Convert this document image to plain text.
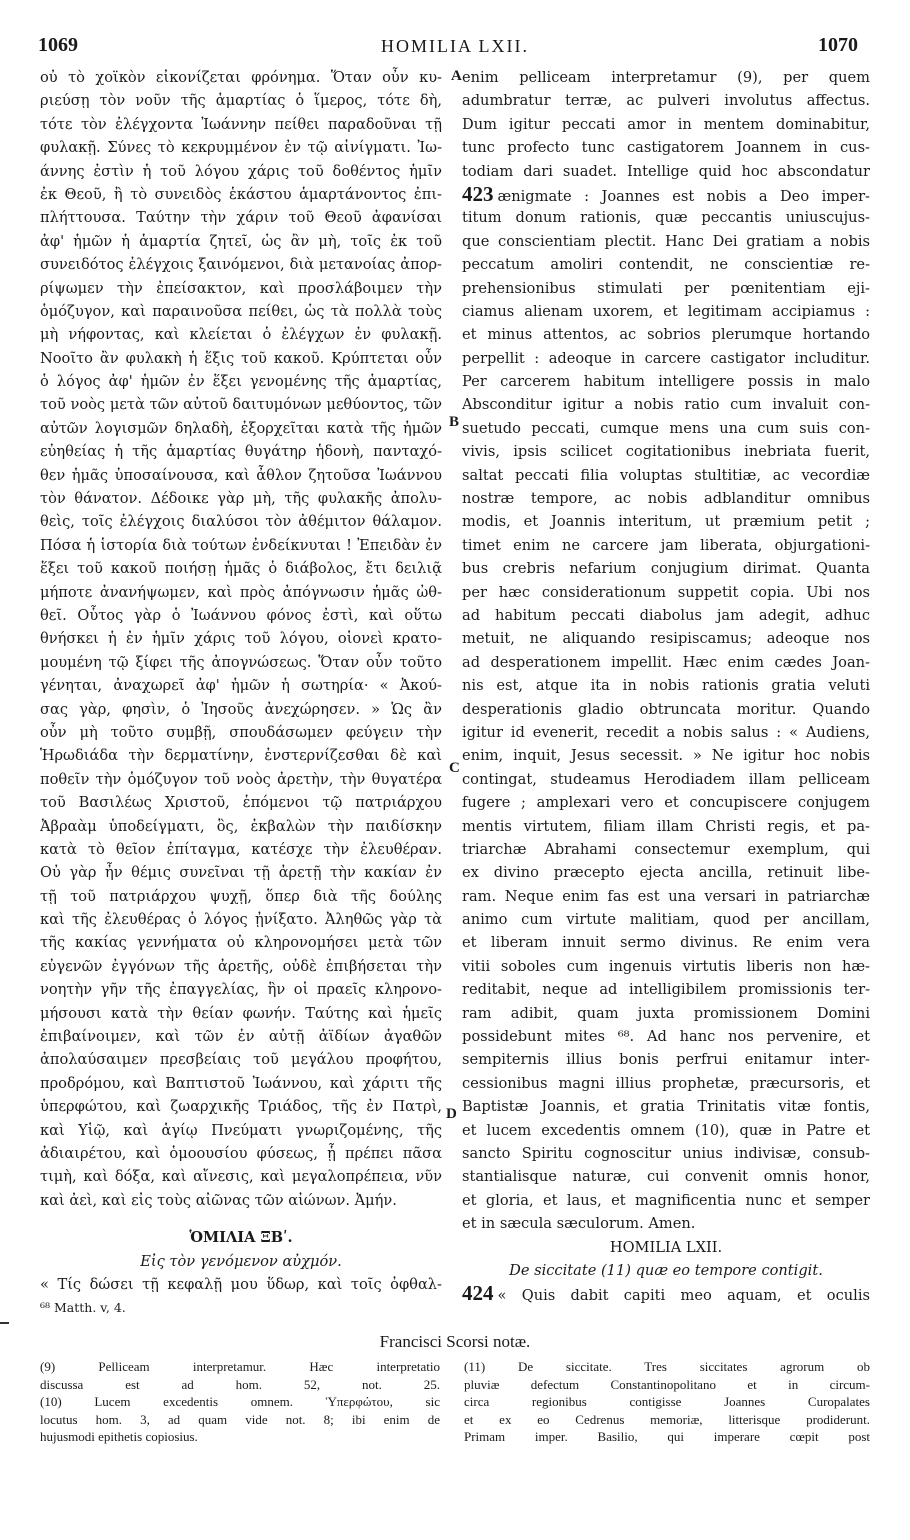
1069	HOMILIA LXII.	1070
οὐ τὸ χοϊκὸν εἰκονίζεται φρόνημα. Ὅταν οὖν κυ-
ριεύσῃ τὸν νοῦν τῆς ἁμαρτίας ὁ ἵμερος, τότε δὴ,
τότε τὸν ἐλέγχοντα Ἰωάννην πείθει παραδοῦναι τῇ
φυλακῇ. Σύνες τὸ κεκρυμμένον ἐν τῷ αἰνίγματι. Ἰω-
άννης ἐστὶν ἡ τοῦ λόγου χάρις τοῦ δοθέντος ἡμῖν
ἐκ Θεοῦ, ἢ τὸ συνειδὸς ἑκάστου ἁμαρτάνοντος ἐπι-
πλήττουσα. Ταύτην τὴν χάριν τοῦ Θεοῦ ἀφανίσαι
ἀφ' ἡμῶν ἡ ἁμαρτία ζητεῖ, ὡς ἂν μὴ, τοῖς ἐκ τοῦ
συνειδότος ἐλέγχοις ξαινόμενοι, διὰ μετανοίας ἀπορ-
ρίψωμεν τὴν ἐπείσακτον, καὶ προσλάβοιμεν τὴν
ὁμόζυγον, καὶ παραινοῦσα πείθει, ὡς τὰ πολλὰ τοὺς
μὴ νήφοντας, καὶ κλείεται ὁ ἐλέγχων ἐν φυλακῇ.
Νοοῖτο ἂν φυλακὴ ἡ ἕξις τοῦ κακοῦ. Κρύπτεται οὖν
ὁ λόγος ἀφ' ἡμῶν ἐν ἕξει γενομένης τῆς ἁμαρτίας,
τοῦ νοὸς μετὰ τῶν αὐτοῦ δαιτυμόνων μεθύοντος, τῶν
αὐτῶν λογισμῶν δηλαδὴ, ἐξορχεῖται κατὰ τῆς ἡμῶν
εὐηθείας ἡ τῆς ἁμαρτίας θυγάτηρ ἡδονὴ, πανταχό-
θεν ἡμᾶς ὑποσαίνουσα, καὶ ἆθλον ζητοῦσα Ἰωάννου
τὸν θάνατον. Δέδοικε γὰρ μὴ, τῆς φυλακῆς ἀπολυ-
θεὶς, τοῖς ἐλέγχοις διαλύσοι τὸν ἀθέμιτον θάλαμον.
Πόσα ἡ ἱστορία διὰ τούτων ἐνδείκνυται ! Ἐπειδὰν ἐν
ἕξει τοῦ κακοῦ ποιήσῃ ἡμᾶς ὁ διάβολος, ἔτι δειλιᾷ
μήποτε ἀνανήψωμεν, καὶ πρὸς ἀπόγνωσιν ἡμᾶς ὠθ-
θεῖ. Οὗτος γὰρ ὁ Ἰωάννου φόνος ἐστὶ, καὶ οὕτω
θνήσκει ἡ ἐν ἡμῖν χάρις τοῦ λόγου, οἱονεὶ κρατο-
μουμένη τῷ ξίφει τῆς ἀπογνώσεως. Ὅταν οὖν τοῦτο
γένηται, ἀναχωρεῖ ἀφ' ἡμῶν ἡ σωτηρία· « Ἀκού-
σας γὰρ, φησὶν, ὁ Ἰησοῦς ἀνεχώρησεν. » Ὡς ἂν
οὖν μὴ τοῦτο συμβῇ, σπουδάσωμεν φεύγειν τὴν
Ἡρωδιάδα τὴν δερματίνην, ἐνστερνίζεσθαι δὲ καὶ
ποθεῖν τὴν ὁμόζυγον τοῦ νοὸς ἀρετὴν, τὴν θυγατέρα
τοῦ Βασιλέως Χριστοῦ, ἑπόμενοι τῷ πατριάρχου
Ἀβραὰμ ὑποδείγματι, ὃς, ἐκβαλὼν τὴν παιδίσκην
κατὰ τὸ θεῖον ἐπίταγμα, κατέσχε τὴν ἐλευθέραν.
Οὐ γὰρ ἦν θέμις συνεῖναι τῇ ἀρετῇ τὴν κακίαν ἐν
τῇ τοῦ πατριάρχου ψυχῇ, ὅπερ διὰ τῆς δούλης
καὶ τῆς ἐλευθέρας ὁ λόγος ᾐνίξατο. Ἀληθῶς γὰρ τὰ
τῆς κακίας γεννήματα οὐ κληρονομήσει μετὰ τῶν
εὐγενῶν ἐγγόνων τῆς ἀρετῆς, οὐδὲ ἐπιβήσεται τὴν
νοητὴν γῆν τῆς ἐπαγγελίας, ἣν οἱ πραεῖς κληρονο-
μήσουσι κατὰ τὴν θείαν φωνήν. Ταύτης καὶ ἡμεῖς
ἐπιβαίνοιμεν, καὶ τῶν ἐν αὐτῇ ἀϊδίων ἀγαθῶν
ἀπολαύσαιμεν πρεσβείαις τοῦ μεγάλου προφήτου,
προδρόμου, καὶ Βαπτιστοῦ Ἰωάννου, καὶ χάριτι τῆς
ὑπερφώτου, καὶ ζωαρχικῆς Τριάδος, τῆς ἐν Πατρὶ,
καὶ Υἱῷ, καὶ ἁγίῳ Πνεύματι γνωριζομένης, τῆς
ἀδιαιρέτου, καὶ ὁμοουσίου φύσεως, ᾗ πρέπει πᾶσα
τιμὴ, καὶ δόξα, καὶ αἴνεσις, καὶ μεγαλοπρέπεια, νῦν
καὶ ἀεὶ, καὶ εἰς τοὺς αἰῶνας τῶν αἰώνων. Ἀμήν.
ὉΜΙΛΙΑ ΞΒʹ.
Εἰς τὸν γενόμενον αὐχμόν.
« Τίς δώσει τῇ κεφαλῇ μου ὕδωρ, καὶ τοῖς ὀφθαλ-
⁶⁸ Matth. v, 4.
enim pelliceam interpretamur (9), per quem
adumbratur terræ, ac pulveri involutus affectus.
Dum igitur peccati amor in mentem dominabitur,
tunc profecto tunc castigatorem Joannem in cus-
todiam dari suadet. Intellige quid hoc abscondatur
423 ænigmate : Joannes est nobis a Deo imper-
titum donum rationis, quæ peccantis uniuscujus-
que conscientiam plectit. Hanc Dei gratiam a nobis
peccatum amoliri contendit, ne conscientiæ re-
prehensionibus stimulati per pœnitentiam eji-
ciamus alienam uxorem, et legitimam accipiamus :
et minus attentos, ac sobrios plerumque hortando
perpellit : adeoque in carcere castigator includitur.
Per carcerem habitum intelligere possis in malo
Absconditur igitur a nobis ratio cum invaluit con-
suetudo peccati, cumque mens una cum suis con-
vivis, ipsis scilicet cogitationibus inebriata fuerit,
saltat peccati filia voluptas stultitiæ, ac vecordiæ
nostræ tempore, ac nobis adblanditur omnibus
modis, et Joannis interitum, ut præmium petit ;
timet enim ne carcere jam liberata, objurgationi-
bus crebris nefarium conjugium dirimat. Quanta
per hæc considerationum suppetit copia. Ubi nos
ad habitum peccati diabolus jam adegit, adhuc
metuit, ne aliquando resipiscamus; adeoque nos
ad desperationem impellit. Hæc enim cædes Joan-
nis est, atque ita in nobis rationis gratia veluti
desperationis gladio obtruncata moritur. Quando
igitur id evenerit, recedit a nobis salus : « Audiens,
enim, inquit, Jesus secessit. » Ne igitur hoc nobis
contingat, studeamus Herodiadem illam pelliceam
fugere ; amplexari vero et concupiscere conjugem
mentis virtutem, filiam illam Christi regis, et pa-
triarchæ Abrahami consectemur exemplum, qui
ex divino præcepto ejecta ancilla, retinuit libe-
ram. Neque enim fas est una versari in patriarchæ
animo cum virtute malitiam, quod per ancillam,
et liberam innuit sermo divinus. Re enim vera
vitii soboles cum ingenuis virtutis liberis non hæ-
reditabit, neque ad intelligibilem promissionis ter-
ram adibit, quam juxta promissionem Domini
possidebunt mites ⁶⁸. Ad hanc nos pervenire, et
sempiternis illius bonis perfrui enitamur inter-
cessionibus magni illius prophetæ, præcursoris, et
Baptistæ Joannis, et gratia Trinitatis vitæ fontis,
et lucem excedentis omnem (10), quæ in Patre et
sancto Spiritu cognoscitur unius indivisæ, consub-
stantialisque naturæ, cui convenit omnis honor,
et gloria, et laus, et magnificentia nunc et semper
et in sæcula sæculorum. Amen.
HOMILIA LXII.
De siccitate (11) quæ eo tempore contigit.
424 « Quis dabit capiti meo aquam, et oculis
A
B
C
D
Francisci Scorsi notæ.
(9) Pelliceam interpretamur. Hæc interpretatio
discussa est ad hom. 52, not. 25.
(10) Lucem excedentis omnem. Ὑπερφώτου, sic
locutus hom. 3, ad quam vide not. 8; ibi enim de
hujusmodi epithetis copiosius.
(11) De siccitate. Tres siccitates agrorum ob
pluviæ defectum Constantinopolitano et in circum-
circa regionibus contigisse Joannes Curopalates
et ex eo Cedrenus memoriæ, litterisque prodiderunt.
Primam imper. Basilio, qui imperare cœpit post
